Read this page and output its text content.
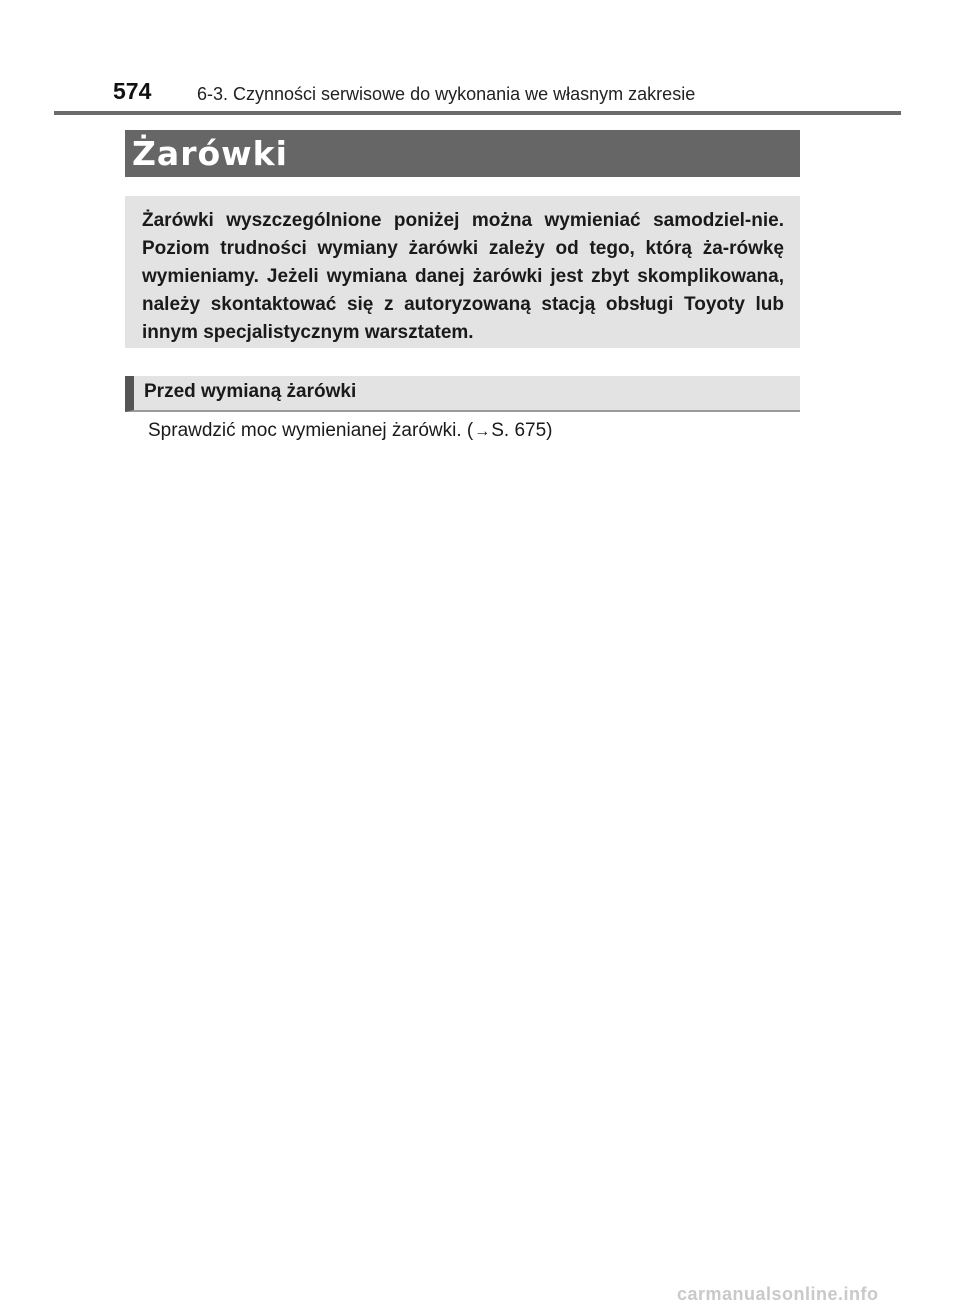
574	6-3. Czynności serwisowe do wykonania we własnym zakresie
Żarówki

Żarówki wyszczególnione poniżej można wymieniać samodziel-nie. Poziom trudności wymiany żarówki zależy od tego, którą ża-rówkę wymieniamy. Jeżeli wymiana danej żarówki jest zbyt skomplikowana, należy skontaktować się z autoryzowaną stacją obsługi Toyoty lub innym specjalistycznym warsztatem.

Przed wymianą żarówki
Sprawdzić moc wymienianej żarówki. (→S. 675)
carmanualsonline.info
